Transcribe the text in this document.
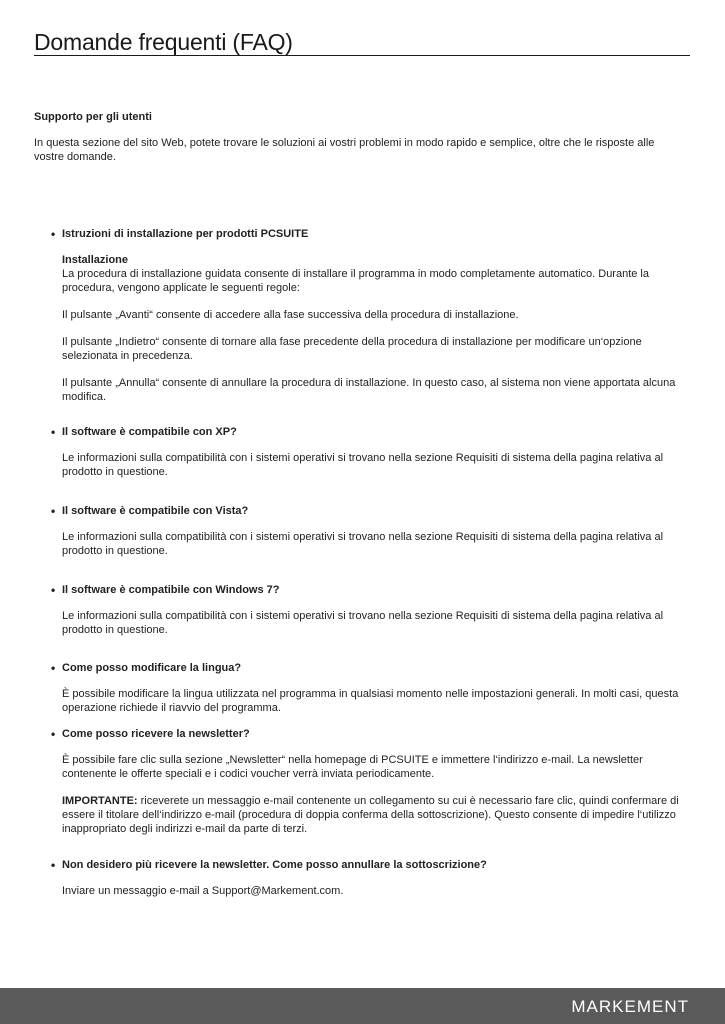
Domande frequenti (FAQ)
Supporto per gli utenti
In questa sezione del sito Web, potete trovare le soluzioni ai vostri problemi in modo rapido e semplice, oltre che le risposte alle vostre domande.
• Istruzioni di installazione per prodotti PCSUITE

Installazione

La procedura di installazione guidata consente di installare il programma in modo completamente automatico. Durante la procedura, vengono applicate le seguenti regole:

Il pulsante „Avanti“ consente di accedere alla fase successiva della procedura di installazione.

Il pulsante „Indietro“ consente di tornare alla fase precedente della procedura di installazione per modificare un‘opzione selezionata in precedenza.

Il pulsante „Annulla“ consente di annullare la procedura di installazione. In questo caso, al sistema non viene apportata alcuna modifica.

• Il software è compatibile con XP?

Le informazioni sulla compatibilità con i sistemi operativi si trovano nella sezione Requisiti di sistema della pagina relativa al prodotto in questione.

• Il software è compatibile con Vista?

Le informazioni sulla compatibilità con i sistemi operativi si trovano nella sezione Requisiti di sistema della pagina relativa al prodotto in questione.

• Il software è compatibile con Windows 7?

Le informazioni sulla compatibilità con i sistemi operativi si trovano nella sezione Requisiti di sistema della pagina relativa al prodotto in questione.

• Come posso modificare la lingua?

È possibile modificare la lingua utilizzata nel programma in qualsiasi momento nelle impostazioni generali. In molti casi, questa operazione richiede il riavvio del programma.

• Come posso ricevere la newsletter?

È possibile fare clic sulla sezione „Newsletter“ nella homepage di PCSUITE e immettere l‘indirizzo e-mail. La newsletter contenente le offerte speciali e i codici voucher verrà inviata periodicamente.

IMPORTANTE: riceverete un messaggio e-mail contenente un collegamento su cui è necessario fare clic, quindi confermare di essere il titolare dell‘indirizzo e-mail (procedura di doppia conferma della sottoscrizione). Questo consente di impedire l‘utilizzo inappropriato degli indirizzi e-mail da parte di terzi.

• Non desidero più ricevere la newsletter. Come posso annullare la sottoscrizione?

Inviare un messaggio e-mail a Support@Markement.com.

MARKEMENT
